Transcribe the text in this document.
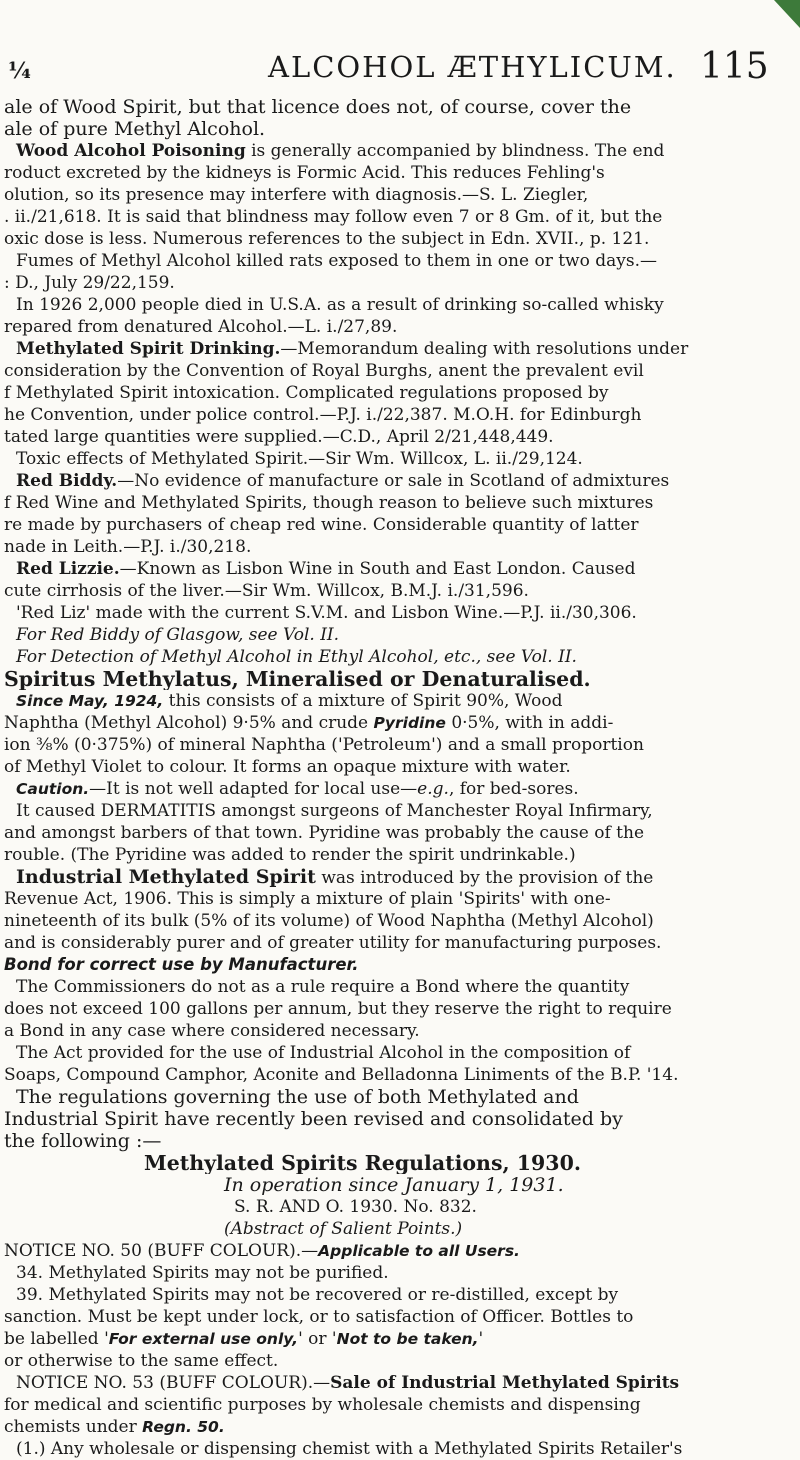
¼	ALCOHOL ÆTHYLICUM. 115
ale of Wood Spirit, but that licence does not, of course, cover the
ale of pure Methyl Alcohol.
Wood Alcohol Poisoning is generally accompanied by blindness. The end
roduct excreted by the kidneys is Formic Acid. This reduces Fehling's
olution, so its presence may interfere with diagnosis.—S. L. Ziegler,
. ii./21,618. It is said that blindness may follow even 7 or 8 Gm. of it, but the
oxic dose is less. Numerous references to the subject in Edn. XVII., p. 121.
Fumes of Methyl Alcohol killed rats exposed to them in one or two days.—
: D., July 29/22,159.
In 1926 2,000 people died in U.S.A. as a result of drinking so-called whisky
repared from denatured Alcohol.—L. i./27,89.
Methylated Spirit Drinking.—Memorandum dealing with resolutions under
consideration by the Convention of Royal Burghs, anent the prevalent evil
f Methylated Spirit intoxication. Complicated regulations proposed by
he Convention, under police control.—P.J. i./22,387. M.O.H. for Edinburgh
tated large quantities were supplied.—C.D., April 2/21,448,449.
Toxic effects of Methylated Spirit.—Sir Wm. Willcox, L. ii./29,124.
Red Biddy.—No evidence of manufacture or sale in Scotland of admixtures
f Red Wine and Methylated Spirits, though reason to believe such mixtures
re made by purchasers of cheap red wine. Considerable quantity of latter
nade in Leith.—P.J. i./30,218.
Red Lizzie.—Known as Lisbon Wine in South and East London. Caused
cute cirrhosis of the liver.—Sir Wm. Willcox, B.M.J. i./31,596.
'Red Liz' made with the current S.V.M. and Lisbon Wine.—P.J. ii./30,306.
For Red Biddy of Glasgow, see Vol. II.
For Detection of Methyl Alcohol in Ethyl Alcohol, etc., see Vol. II.
Spiritus Methylatus, Mineralised or Denaturalised.
Since May, 1924, this consists of a mixture of Spirit 90%, Wood
Naphtha (Methyl Alcohol) 9·5% and crude Pyridine 0·5%, with in addi-
ion ⅜% (0·375%) of mineral Naphtha ('Petroleum') and a small proportion
of Methyl Violet to colour. It forms an opaque mixture with water.
Caution.—It is not well adapted for local use—e.g., for bed-sores.
It caused DERMATITIS amongst surgeons of Manchester Royal Infirmary,
and amongst barbers of that town. Pyridine was probably the cause of the
rouble. (The Pyridine was added to render the spirit undrinkable.)
Industrial Methylated Spirit was introduced by the provision of the
Revenue Act, 1906. This is simply a mixture of plain 'Spirits' with one-
nineteenth of its bulk (5% of its volume) of Wood Naphtha (Methyl Alcohol)
and is considerably purer and of greater utility for manufacturing purposes.
Bond for correct use by Manufacturer.
The Commissioners do not as a rule require a Bond where the quantity
does not exceed 100 gallons per annum, but they reserve the right to require
a Bond in any case where considered necessary.
The Act provided for the use of Industrial Alcohol in the composition of
Soaps, Compound Camphor, Aconite and Belladonna Liniments of the B.P. '14.
The regulations governing the use of both Methylated and
Industrial Spirit have recently been revised and consolidated by
the following :—
Methylated Spirits Regulations, 1930.
In operation since January 1, 1931.
S. R. AND O. 1930. No. 832.
(Abstract of Salient Points.)
NOTICE NO. 50 (BUFF COLOUR).—Applicable to all Users.
34. Methylated Spirits may not be purified.
39. Methylated Spirits may not be recovered or re-distilled, except by
sanction. Must be kept under lock, or to satisfaction of Officer. Bottles to
be labelled 'For external use only,' or 'Not to be taken,'
or otherwise to the same effect.
NOTICE NO. 53 (BUFF COLOUR).—Sale of Industrial Methylated Spirits
for medical and scientific purposes by wholesale chemists and dispensing
chemists under Regn. 50.
(1.) Any wholesale or dispensing chemist with a Methylated Spirits Retailer's
